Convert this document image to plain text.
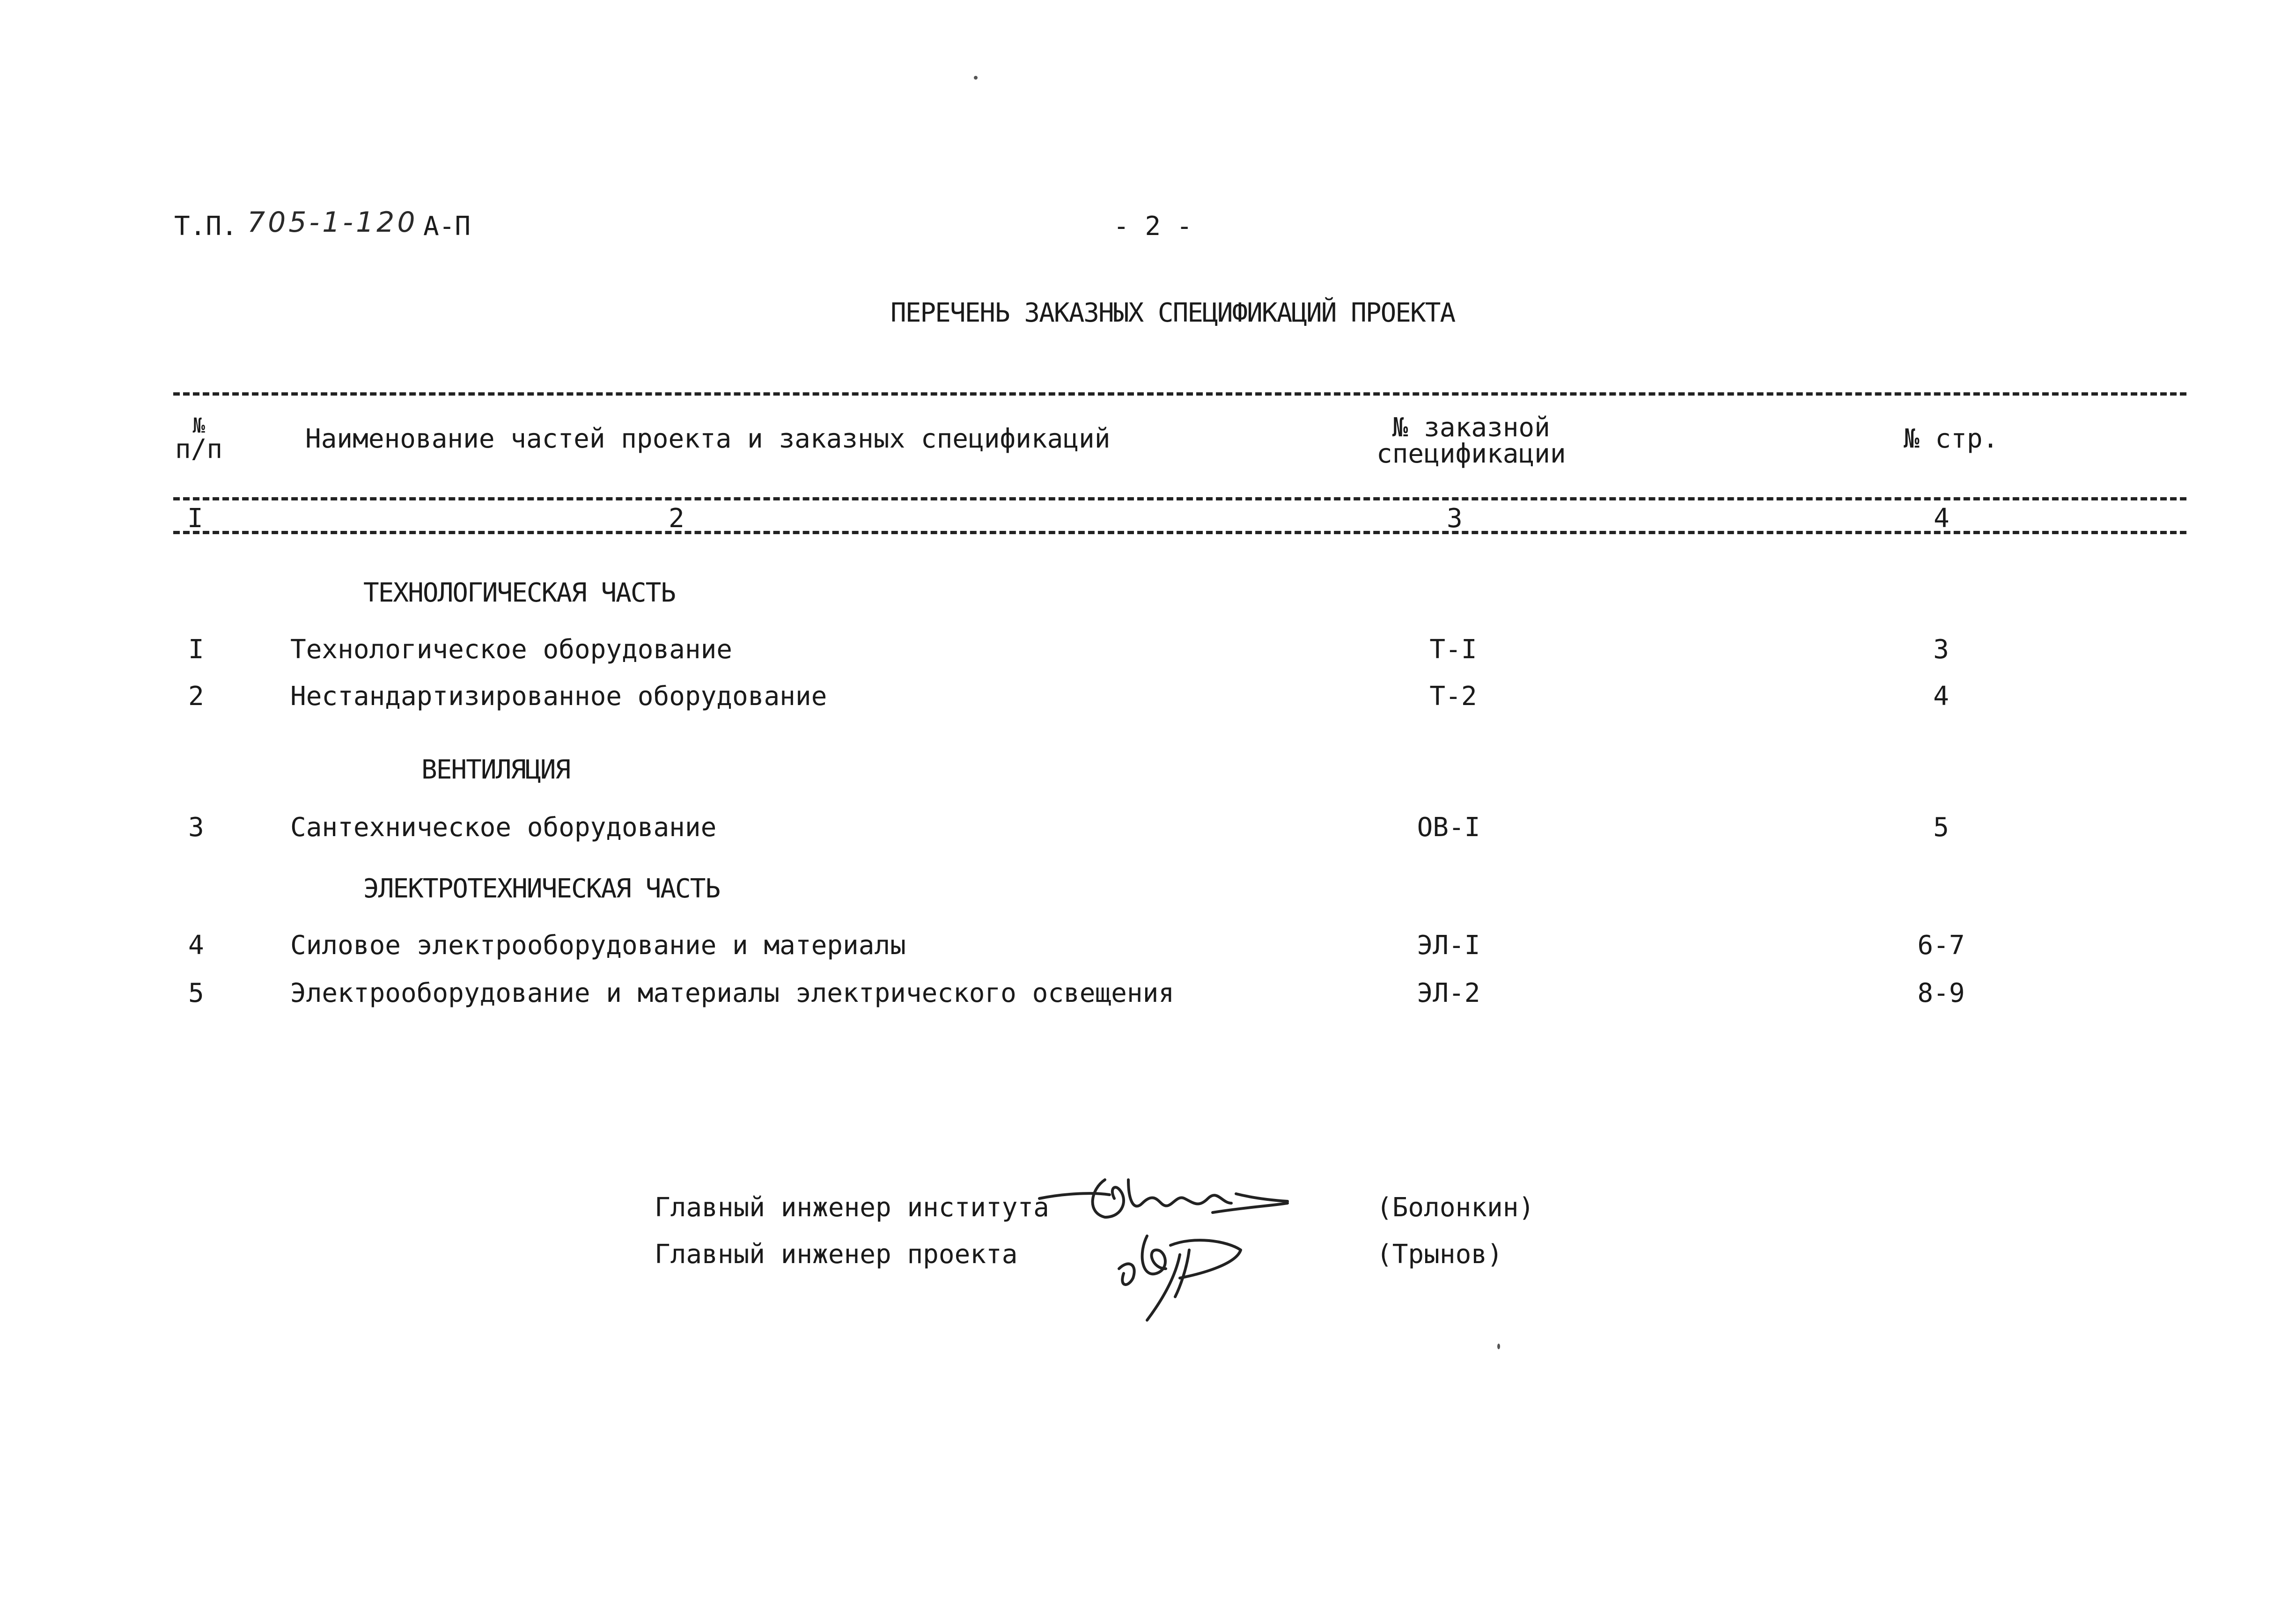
Т.П. 705-1-120 А-П	- 2 -
ПЕРЕЧЕНЬ ЗАКАЗНЫХ СПЕЦИФИКАЦИЙ ПРОЕКТА
№
п/п	Наименование частей проекта и заказных спецификаций	№ заказной
спецификации	№ стр.
I	2	3	4
ТЕХНОЛОГИЧЕСКАЯ ЧАСТЬ
I	Технологическое оборудование	Т-I	3
2	Нестандартизированное оборудование	Т-2	4
ВЕНТИЛЯЦИЯ
3	Сантехническое оборудование	ОВ-I	5
ЭЛЕКТРОТЕХНИЧЕСКАЯ ЧАСТЬ
4	Силовое электрооборудование и материалы	ЭЛ-I	6-7
5	Электрооборудование и материалы электрического освещения	ЭЛ-2	8-9
Главный инженер института	(Болонкин)
Главный инженер проекта	(Трынов)
